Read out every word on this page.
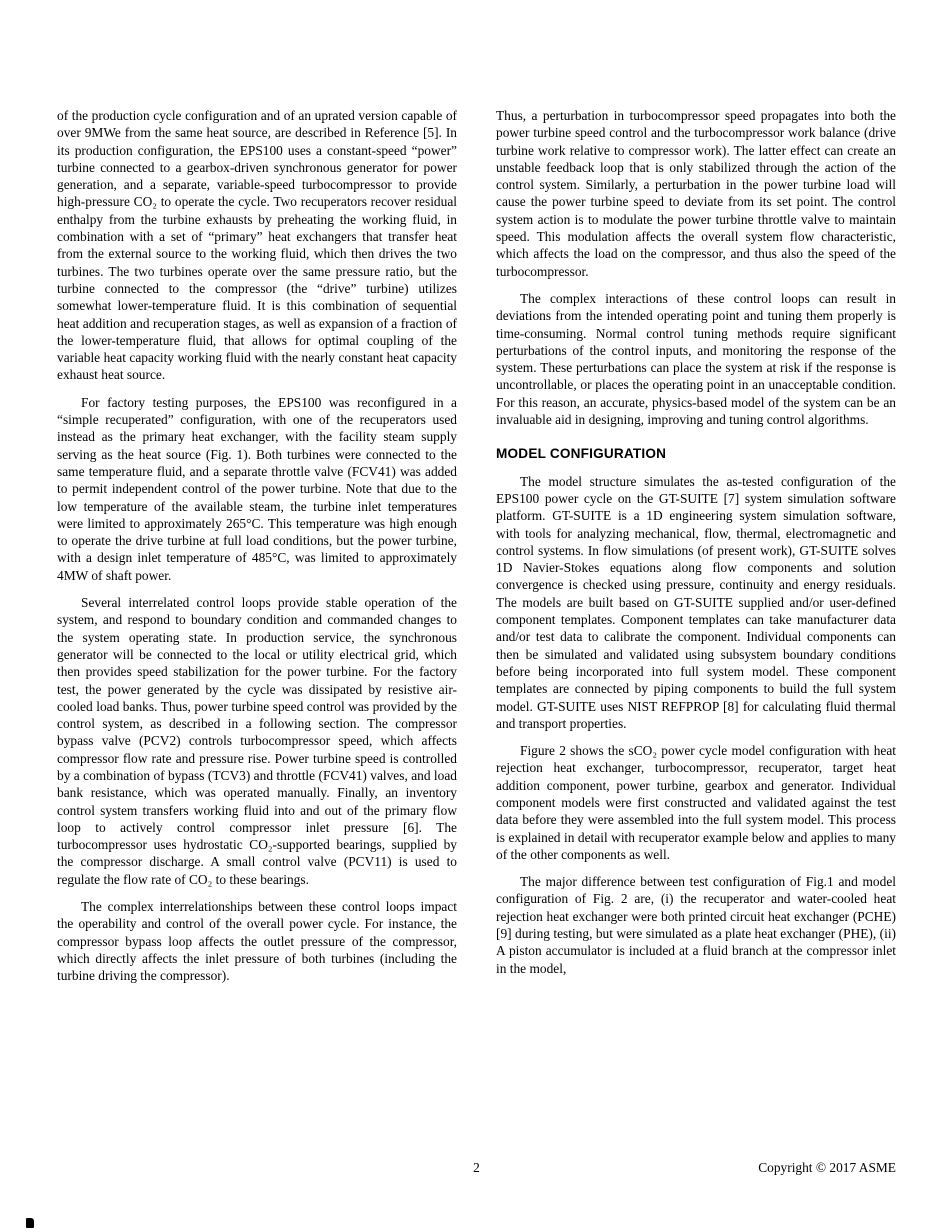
of the production cycle configuration and of an uprated version capable of over 9MWe from the same heat source, are described in Reference [5]. In its production configuration, the EPS100 uses a constant-speed “power” turbine connected to a gearbox-driven synchronous generator for power generation, and a separate, variable-speed turbocompressor to provide high-pressure CO₂ to operate the cycle. Two recuperators recover residual enthalpy from the turbine exhausts by preheating the working fluid, in combination with a set of “primary” heat exchangers that transfer heat from the external source to the working fluid, which then drives the two turbines. The two turbines operate over the same pressure ratio, but the turbine connected to the compressor (the “drive” turbine) utilizes somewhat lower-temperature fluid. It is this combination of sequential heat addition and recuperation stages, as well as expansion of a fraction of the lower-temperature fluid, that allows for optimal coupling of the variable heat capacity working fluid with the nearly constant heat capacity exhaust heat source.

For factory testing purposes, the EPS100 was reconfigured in a “simple recuperated” configuration, with one of the recuperators used instead as the primary heat exchanger, with the facility steam supply serving as the heat source (Fig. 1). Both turbines were connected to the same temperature fluid, and a separate throttle valve (FCV41) was added to permit independent control of the power turbine. Note that due to the low temperature of the available steam, the turbine inlet temperatures were limited to approximately 265°C. This temperature was high enough to operate the drive turbine at full load conditions, but the power turbine, with a design inlet temperature of 485°C, was limited to approximately 4MW of shaft power.

Several interrelated control loops provide stable operation of the system, and respond to boundary condition and commanded changes to the system operating state. In production service, the synchronous generator will be connected to the local or utility electrical grid, which then provides speed stabilization for the power turbine. For the factory test, the power generated by the cycle was dissipated by resistive air-cooled load banks. Thus, power turbine speed control was provided by the control system, as described in a following section. The compressor bypass valve (PCV2) controls turbocompressor speed, which affects compressor flow rate and pressure rise. Power turbine speed is controlled by a combination of bypass (TCV3) and throttle (FCV41) valves, and load bank resistance, which was operated manually. Finally, an inventory control system transfers working fluid into and out of the primary flow loop to actively control compressor inlet pressure [6]. The turbocompressor uses hydrostatic CO₂-supported bearings, supplied by the compressor discharge. A small control valve (PCV11) is used to regulate the flow rate of CO₂ to these bearings.

The complex interrelationships between these control loops impact the operability and control of the overall power cycle. For instance, the compressor bypass loop affects the outlet pressure of the compressor, which directly affects the inlet pressure of both turbines (including the turbine driving the compressor).

Thus, a perturbation in turbocompressor speed propagates into both the power turbine speed control and the turbocompressor work balance (drive turbine work relative to compressor work). The latter effect can create an unstable feedback loop that is only stabilized through the action of the control system. Similarly, a perturbation in the power turbine load will cause the power turbine speed to deviate from its set point. The control system action is to modulate the power turbine throttle valve to maintain speed. This modulation affects the overall system flow characteristic, which affects the load on the compressor, and thus also the speed of the turbocompressor.

The complex interactions of these control loops can result in deviations from the intended operating point and tuning them properly is time-consuming. Normal control tuning methods require significant perturbations of the control inputs, and monitoring the response of the system. These perturbations can place the system at risk if the response is uncontrollable, or places the operating point in an unacceptable condition. For this reason, an accurate, physics-based model of the system can be an invaluable aid in designing, improving and tuning control algorithms.

MODEL CONFIGURATION

The model structure simulates the as-tested configuration of the EPS100 power cycle on the GT-SUITE [7] system simulation software platform. GT-SUITE is a 1D engineering system simulation software, with tools for analyzing mechanical, flow, thermal, electromagnetic and control systems. In flow simulations (of present work), GT-SUITE solves 1D Navier-Stokes equations along flow components and solution convergence is checked using pressure, continuity and energy residuals. The models are built based on GT-SUITE supplied and/or user-defined component templates. Component templates can take manufacturer data and/or test data to calibrate the component. Individual components can then be simulated and validated using subsystem boundary conditions before being incorporated into full system model. These component templates are connected by piping components to build the full system model. GT-SUITE uses NIST REFPROP [8] for calculating fluid thermal and transport properties.

Figure 2 shows the sCO₂ power cycle model configuration with heat rejection heat exchanger, turbocompressor, recuperator, target heat addition component, power turbine, gearbox and generator. Individual component models were first constructed and validated against the test data before they were assembled into the full system model. This process is explained in detail with recuperator example below and applies to many of the other components as well.

The major difference between test configuration of Fig.1 and model configuration of Fig. 2 are, (i) the recuperator and water-cooled heat rejection heat exchanger were both printed circuit heat exchanger (PCHE) [9] during testing, but were simulated as a plate heat exchanger (PHE), (ii) A piston accumulator is included at a fluid branch at the compressor inlet in the model,

2	Copyright © 2017 ASME
